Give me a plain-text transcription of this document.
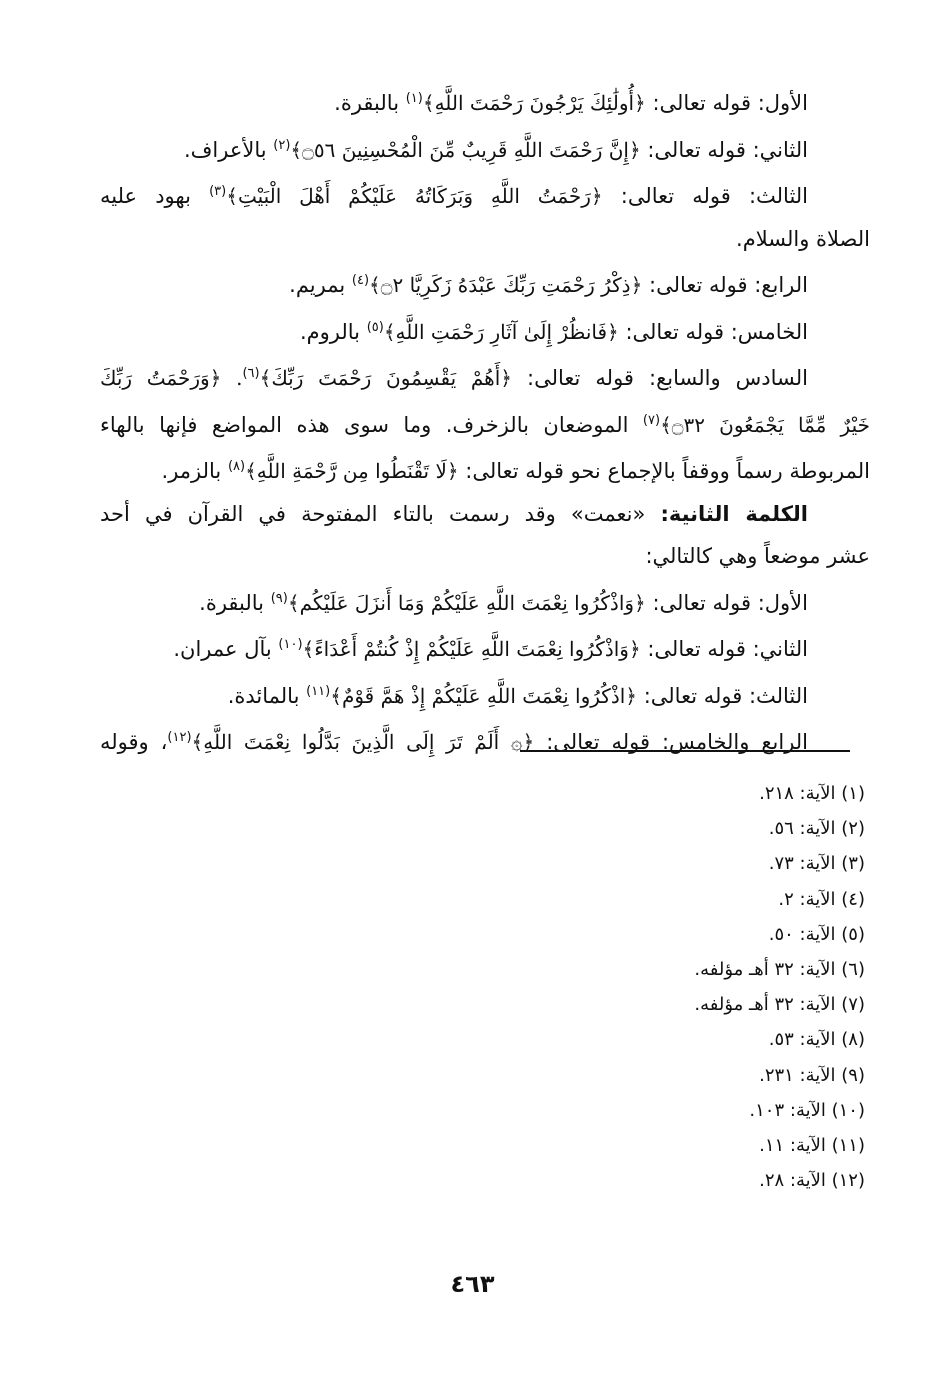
الأول: قوله تعالى: ﴿أُولَٰئِكَ يَرْجُونَ رَحْمَتَ اللَّهِ﴾$^{(١)}$ بالبقرة.
الثاني: قوله تعالى: ﴿إِنَّ رَحْمَتَ اللَّهِ قَرِيبٌ مِّنَ الْمُحْسِنِينَ ۝٥٦﴾$^{(٢)}$ بالأعراف.
الثالث: قوله تعالى: ﴿رَحْمَتُ اللَّهِ وَبَرَكَاتُهُ عَلَيْكُمْ أَهْلَ الْبَيْتِ﴾$^{(٣)}$ بهود عليه
الصلاة والسلام.
الرابع: قوله تعالى: ﴿ذِكْرُ رَحْمَتِ رَبِّكَ عَبْدَهُ زَكَرِيَّا ۝٢﴾$^{(٤)}$ بمريم.
الخامس: قوله تعالى: ﴿فَانظُرْ إِلَىٰ آثَارِ رَحْمَتِ اللَّهِ﴾$^{(٥)}$ بالروم.
السادس والسابع: قوله تعالى: ﴿أَهُمْ يَقْسِمُونَ رَحْمَتَ رَبِّكَ﴾$^{(٦)}$. ﴿وَرَحْمَتُ رَبِّكَ
خَيْرٌ مِّمَّا يَجْمَعُونَ ۝٣٢﴾$^{(٧)}$ الموضعان بالزخرف. وما سوى هذه المواضع فإنها بالهاء
المربوطة رسماً ووقفاً بالإجماع نحو قوله تعالى: ﴿لَا تَقْنَطُوا مِن رَّحْمَةِ اللَّهِ﴾$^{(٨)}$ بالزمر.
الكلمة الثانية: «نعمت» وقد رسمت بالتاء المفتوحة في القرآن في أحد
عشر موضعاً وهي كالتالي:
الأول: قوله تعالى: ﴿وَاذْكُرُوا نِعْمَتَ اللَّهِ عَلَيْكُمْ وَمَا أَنزَلَ عَلَيْكُم﴾$^{(٩)}$ بالبقرة.
الثاني: قوله تعالى: ﴿وَاذْكُرُوا نِعْمَتَ اللَّهِ عَلَيْكُمْ إِذْ كُنتُمْ أَعْدَاءً﴾$^{(١٠)}$ بآل عمران.
الثالث: قوله تعالى: ﴿اذْكُرُوا نِعْمَتَ اللَّهِ عَلَيْكُمْ إِذْ هَمَّ قَوْمٌ﴾$^{(١١)}$ بالمائدة.
الرابع والخامس: قوله تعالى: ﴿۞ أَلَمْ تَرَ إِلَى الَّذِينَ بَدَّلُوا نِعْمَتَ اللَّهِ﴾$^{(١٢)}$، وقوله
(١) الآية: ٢١٨.
(٢) الآية: ٥٦.
(٣) الآية: ٧٣.
(٤) الآية: ٢.
(٥) الآية: ٥٠.
(٦) الآية: ٣٢ أهـ مؤلفه.
(٧) الآية: ٣٢ أهـ مؤلفه.
(٨) الآية: ٥٣.
(٩) الآية: ٢٣١.
(١٠) الآية: ١٠٣.
(١١) الآية: ١١.
(١٢) الآية: ٢٨.
٤٦٣
